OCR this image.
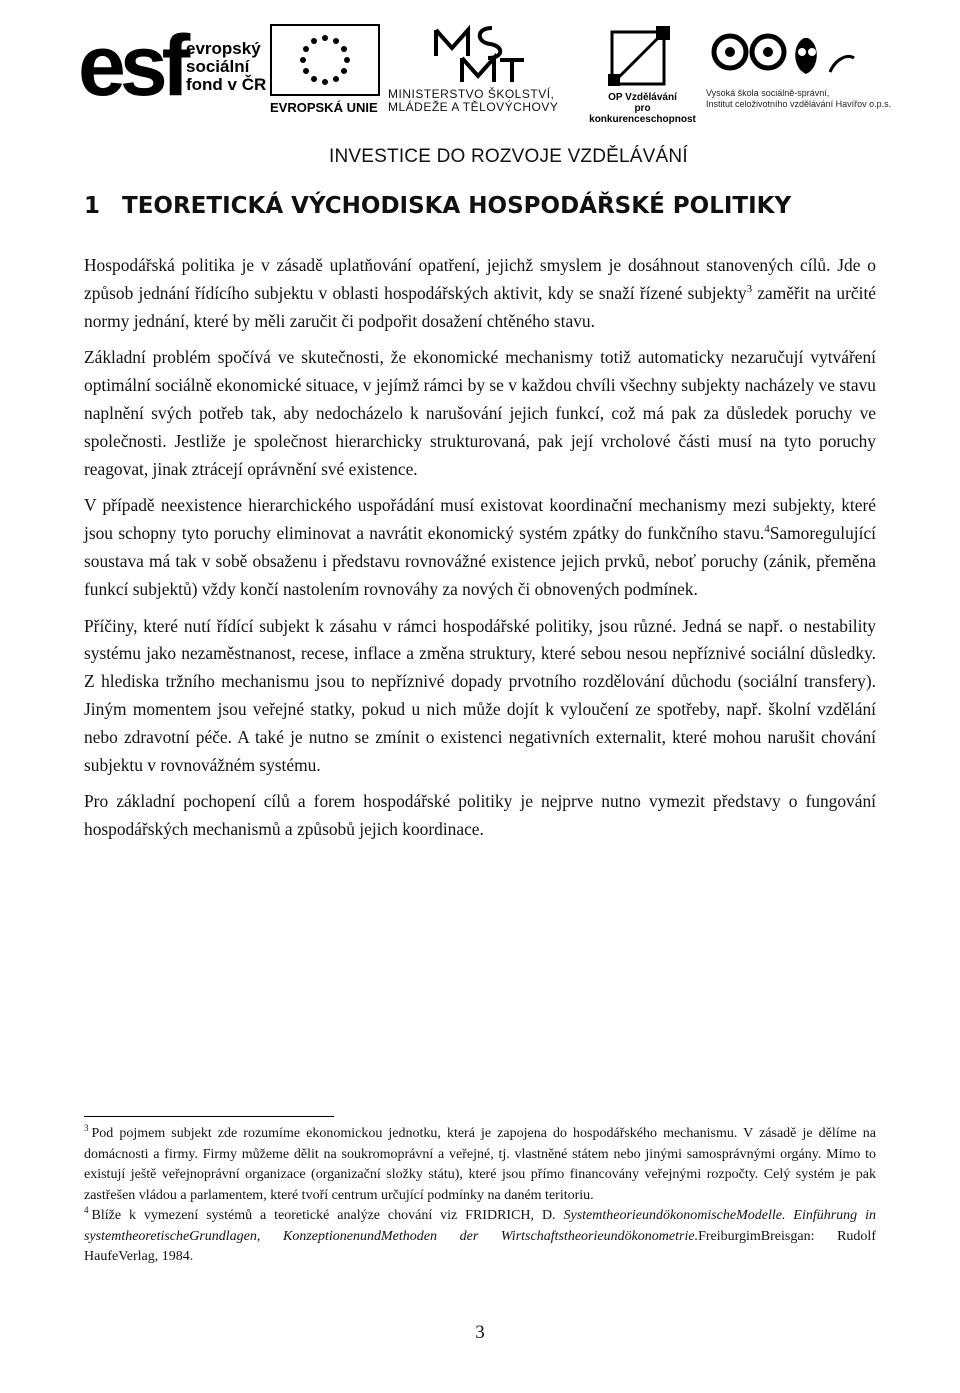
esf evropský
sociální
fond v ČR
EVROPSKÁ UNIE
MINISTERSTVO ŠKOLSTVÍ,
MLÁDEŽE A TĚLOVÝCHOVY
OP Vzdělávání
pro konkurenceschopnost
Vysoká škola sociálně-správní,
Institut celoživotního vzdělávání Havířov o.p.s.
INVESTICE DO ROZVOJE VZDĚLÁVÁNÍ
1 TEORETICKÁ VÝCHODISKA HOSPODÁŘSKÉ POLITIKY

Hospodářská politika je v zásadě uplatňování opatření, jejichž smyslem je dosáhnout stanovených cílů. Jde o způsob jednání řídícího subjektu v oblasti hospodářských aktivit, kdy se snaží řízené subjekty$^3$ zaměřit na určité normy jednání, které by měli zaručit či podpořit dosažení chtěného stavu.

Základní problém spočívá ve skutečnosti, že ekonomické mechanismy totiž automaticky nezaručují vytváření optimální sociálně ekonomické situace, v jejímž rámci by se v každou chvíli všechny subjekty nacházely ve stavu naplnění svých potřeb tak, aby nedocházelo k narušování jejich funkcí, což má pak za důsledek poruchy ve společnosti. Jestliže je společnost hierarchicky strukturovaná, pak její vrcholové části musí na tyto poruchy reagovat, jinak ztrácejí oprávnění své existence.

V případě neexistence hierarchického uspořádání musí existovat koordinační mechanismy mezi subjekty, které jsou schopny tyto poruchy eliminovat a navrátit ekonomický systém zpátky do funkčního stavu.$^4$Samoregulující soustava má tak v sobě obsaženu i představu rovnovážné existence jejich prvků, neboť poruchy (zánik, přeměna funkcí subjektů) vždy končí nastolením rovnováhy za nových či obnovených podmínek.

Příčiny, které nutí řídící subjekt k zásahu v rámci hospodářské politiky, jsou různé. Jedná se např. o nestability systému jako nezaměstnanost, recese, inflace a změna struktury, které sebou nesou nepříznivé sociální důsledky. Z hlediska tržního mechanismu jsou to nepříznivé dopady prvotního rozdělování důchodu (sociální transfery). Jiným momentem jsou veřejné statky, pokud u nich může dojít k vyloučení ze spotřeby, např. školní vzdělání nebo zdravotní péče. A také je nutno se zmínit o existenci negativních externalit, které mohou narušit chování subjektu v rovnovážném systému.

Pro základní pochopení cílů a forem hospodářské politiky je nejprve nutno vymezit představy o fungování hospodářských mechanismů a způsobů jejich koordinace.

$^3$ Pod pojmem subjekt zde rozumíme ekonomickou jednotku, která je zapojena do hospodářského mechanismu. V zásadě je dělíme na domácnosti a firmy. Firmy můžeme dělit na soukromoprávní a veřejné, tj. vlastněné státem nebo jinými samosprávnými orgány. Mimo to existují ještě veřejnoprávní organizace (organizační složky státu), které jsou přímo financovány veřejnými rozpočty. Celý systém je pak zastřešen vládou a parlamentem, které tvoří centrum určující podmínky na daném teritoriu.

$^4$ Blíže k vymezení systémů a teoretické analýze chování viz FRIDRICH, D. SystemtheorieundökonomischeModelle. Einführung in systemtheoretischeGrundlagen, KonzeptionenundMethoden der Wirtschaftstheorieundökonometrie.FreiburgimBreisgan: Rudolf HaufeVerlag, 1984.

3
